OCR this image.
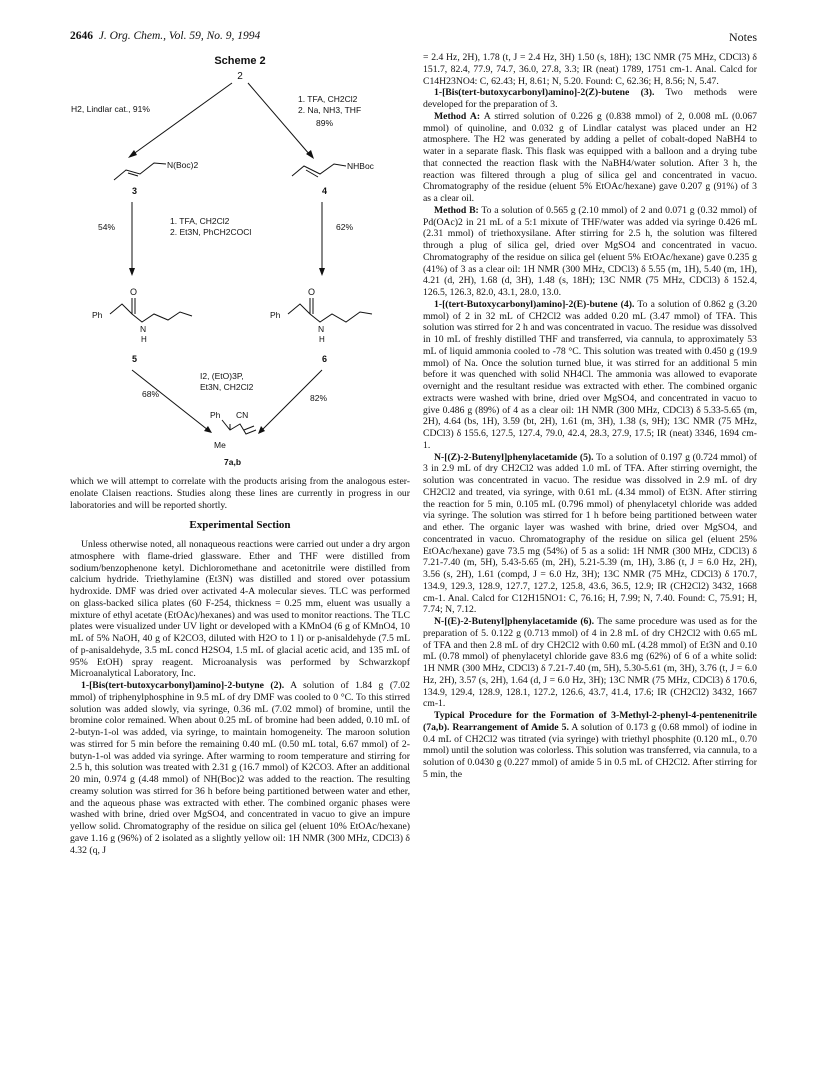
2646 J. Org. Chem., Vol. 59, No. 9, 1994	Notes
Scheme 2
2
H2, Lindlar cat., 91%
1. TFA, CH2Cl2
2. Na, NH3, THF
89%
N(Boc)2
3
NHBoc
4
54%	62%
1. TFA, CH2Cl2
2. Et3N, PhCH2COCl
O
Ph
N
H
5
O
Ph
N
H
6
I2, (EtO)3P,
Et3N, CH2Cl2
68%	82%
Ph CN
Me
7a,b

which we will attempt to correlate with the products arising from the analogous ester-enolate Claisen reactions. Studies along these lines are currently in progress in our laboratories and will be reported shortly.

Experimental Section

Unless otherwise noted, all nonaqueous reactions were carried out under a dry argon atmosphere with flame-dried glassware. Ether and THF were distilled from sodium/benzophenone ketyl. Dichloromethane and acetonitrile were distilled from calcium hydride. Triethylamine (Et3N) was distilled and stored over potassium hydroxide. DMF was dried over activated 4-A molecular sieves. TLC was performed on glass-backed silica plates (60 F-254, thickness = 0.25 mm, eluent was usually a mixture of ethyl acetate (EtOAc)/hexanes) and was used to monitor reactions. The TLC plates were visualized under UV light or developed with a KMnO4 (6 g of KMnO4, 10 mL of 5% NaOH, 40 g of K2CO3, diluted with H2O to 1 l) or p-anisaldehyde (7.5 mL of p-anisaldehyde, 3.5 mL concd H2SO4, 1.5 mL of glacial acetic acid, and 135 mL of 95% EtOH) spray reagent. Microanalysis was performed by Schwarzkopf Microanalytical Laboratory, Inc.

1-[Bis(tert-butoxycarbonyl)amino]-2-butyne (2). A solution of 1.84 g (7.02 mmol) of triphenylphosphine in 9.5 mL of dry DMF was cooled to 0 °C. To this stirred solution was added slowly, via syringe, 0.36 mL (7.02 mmol) of bromine, until the bromine color remained. When about 0.25 mL of bromine had been added, 0.10 mL of 2-butyn-1-ol was added, via syringe, to maintain homogeneity. The maroon solution was stirred for 5 min before the remaining 0.40 mL (0.50 mL total, 6.67 mmol) of 2-butyn-1-ol was added via syringe. After warming to room temperature and stirring for 2.5 h, this solution was treated with 2.31 g (16.7 mmol) of K2CO3. After an additional 20 min, 0.974 g (4.48 mmol) of NH(Boc)2 was added to the reaction. The resulting creamy solution was stirred for 36 h before being partitioned between water and ether, and the aqueous phase was extracted with ether. The combined organic phases were washed with brine, dried over MgSO4, and concentrated in vacuo to give an impure yellow solid. Chromatography of the residue on silica gel (eluent 10% EtOAc/hexane) gave 1.16 g (96%) of 2 isolated as a slightly yellow oil: 1H NMR (300 MHz, CDCl3) δ 4.32 (q, J

= 2.4 Hz, 2H), 1.78 (t, J = 2.4 Hz, 3H) 1.50 (s, 18H); 13C NMR (75 MHz, CDCl3) δ 151.7, 82.4, 77.9, 74.7, 36.0, 27.8, 3.3; IR (neat) 1789, 1751 cm-1. Anal. Calcd for C14H23NO4: C, 62.43; H, 8.61; N, 5.20. Found: C, 62.36; H, 8.56; N, 5.47.

1-[Bis(tert-butoxycarbonyl)amino]-2(Z)-butene (3). Two methods were developed for the preparation of 3.

Method A: A stirred solution of 0.226 g (0.838 mmol) of 2, 0.008 mL (0.067 mmol) of quinoline, and 0.032 g of Lindlar catalyst was placed under an H2 atmosphere. The H2 was generated by adding a pellet of cobalt-doped NaBH4 to water in a separate flask. This flask was equipped with a balloon and a drying tube that connected the reaction flask with the NaBH4/water solution. After 3 h, the reaction was filtered through a plug of silica gel and concentrated in vacuo. Chromatography of the residue (eluent 5% EtOAc/hexane) gave 0.207 g (91%) of 3 as a clear oil.

Method B: To a solution of 0.565 g (2.10 mmol) of 2 and 0.071 g (0.32 mmol) of Pd(OAc)2 in 21 mL of a 5:1 mixute of THF/water was added via syringe 0.426 mL (2.31 mmol) of triethoxysilane. After stirring for 2.5 h, the solution was filtered through a plug of silica gel, dried over MgSO4 and concentrated in vacuo. Chromatography of the residue on silica gel (eluent 5% EtOAc/hexane) gave 0.235 g (41%) of 3 as a clear oil: 1H NMR (300 MHz, CDCl3) δ 5.55 (m, 1H), 5.40 (m, 1H), 4.21 (d, 2H), 1.68 (d, 3H), 1.48 (s, 18H); 13C NMR (75 MHz, CDCl3) δ 152.4, 126.5, 126.3, 82.0, 43.1, 28.0, 13.0.

1-[(tert-Butoxycarbonyl)amino]-2(E)-butene (4). To a solution of 0.862 g (3.20 mmol) of 2 in 32 mL of CH2Cl2 was added 0.20 mL (3.47 mmol) of TFA. This solution was stirred for 2 h and was concentrated in vacuo. The residue was dissolved in 10 mL of freshly distilled THF and transferred, via cannula, to approximately 53 mL of liquid ammonia cooled to -78 °C. This solution was treated with 0.450 g (19.9 mmol) of Na. Once the solution turned blue, it was stirred for an additional 5 min before it was quenched with solid NH4Cl. The ammonia was allowed to evaporate overnight and the resultant residue was extracted with ether. The combined organic extracts were washed with brine, dried over MgSO4, and concentrated in vacuo to give 0.486 g (89%) of 4 as a clear oil: 1H NMR (300 MHz, CDCl3) δ 5.33-5.65 (m, 2H), 4.64 (bs, 1H), 3.59 (bt, 2H), 1.61 (m, 3H), 1.38 (s, 9H); 13C NMR (75 MHz, CDCl3) δ 155.6, 127.5, 127.4, 79.0, 42.4, 28.3, 27.9, 17.5; IR (neat) 3346, 1694 cm-1.

N-[(Z)-2-Butenyl]phenylacetamide (5). To a solution of 0.197 g (0.724 mmol) of 3 in 2.9 mL of dry CH2Cl2 was added 1.0 mL of TFA. After stirring overnight, the solution was concentrated in vacuo. The residue was dissolved in 2.9 mL of dry CH2Cl2 and treated, via syringe, with 0.61 mL (4.34 mmol) of Et3N. After stirring the reaction for 5 min, 0.105 mL (0.796 mmol) of phenylacetyl chloride was added via syringe. The solution was stirred for 1 h before being partitioned between water and ether. The organic layer was washed with brine, dried over MgSO4, and concentrated in vacuo. Chromatography of the residue on silica gel (eluent 25% EtOAc/hexane) gave 73.5 mg (54%) of 5 as a solid: 1H NMR (300 MHz, CDCl3) δ 7.21-7.40 (m, 5H), 5.43-5.65 (m, 2H), 5.21-5.39 (m, 1H), 3.86 (t, J = 6.0 Hz, 2H), 3.56 (s, 2H), 1.61 (compd, J = 6.0 Hz, 3H); 13C NMR (75 MHz, CDCl3) δ 170.7, 134.9, 129.3, 128.9, 127.7, 127.2, 125.8, 43.6, 36.5, 12.9; IR (CH2Cl2) 3432, 1668 cm-1. Anal. Calcd for C12H15NO1: C, 76.16; H, 7.99; N, 7.40. Found: C, 75.91; H, 7.74; N, 7.12.

N-[(E)-2-Butenyl]phenylacetamide (6). The same procedure was used as for the preparation of 5. 0.122 g (0.713 mmol) of 4 in 2.8 mL of dry CH2Cl2 with 0.65 mL of TFA and then 2.8 mL of dry CH2Cl2 with 0.60 mL (4.28 mmol) of Et3N and 0.10 mL (0.78 mmol) of phenylacetyl chloride gave 83.6 mg (62%) of 6 of a white solid: 1H NMR (300 MHz, CDCl3) δ 7.21-7.40 (m, 5H), 5.30-5.61 (m, 3H), 3.76 (t, J = 6.0 Hz, 2H), 3.57 (s, 2H), 1.64 (d, J = 6.0 Hz, 3H); 13C NMR (75 MHz, CDCl3) δ 170.6, 134.9, 129.4, 128.9, 128.1, 127.2, 126.6, 43.7, 41.4, 17.6; IR (CH2Cl2) 3432, 1667 cm-1.

Typical Procedure for the Formation of 3-Methyl-2-phenyl-4-pentenenitrile (7a,b). Rearrangement of Amide 5. A solution of 0.173 g (0.68 mmol) of iodine in 0.4 mL of CH2Cl2 was titrated (via syringe) with triethyl phosphite (0.120 mL, 0.70 mmol) until the solution was colorless. This solution was transferred, via cannula, to a solution of 0.0430 g (0.227 mmol) of amide 5 in 0.5 mL of CH2Cl2. After stirring for 5 min, the
